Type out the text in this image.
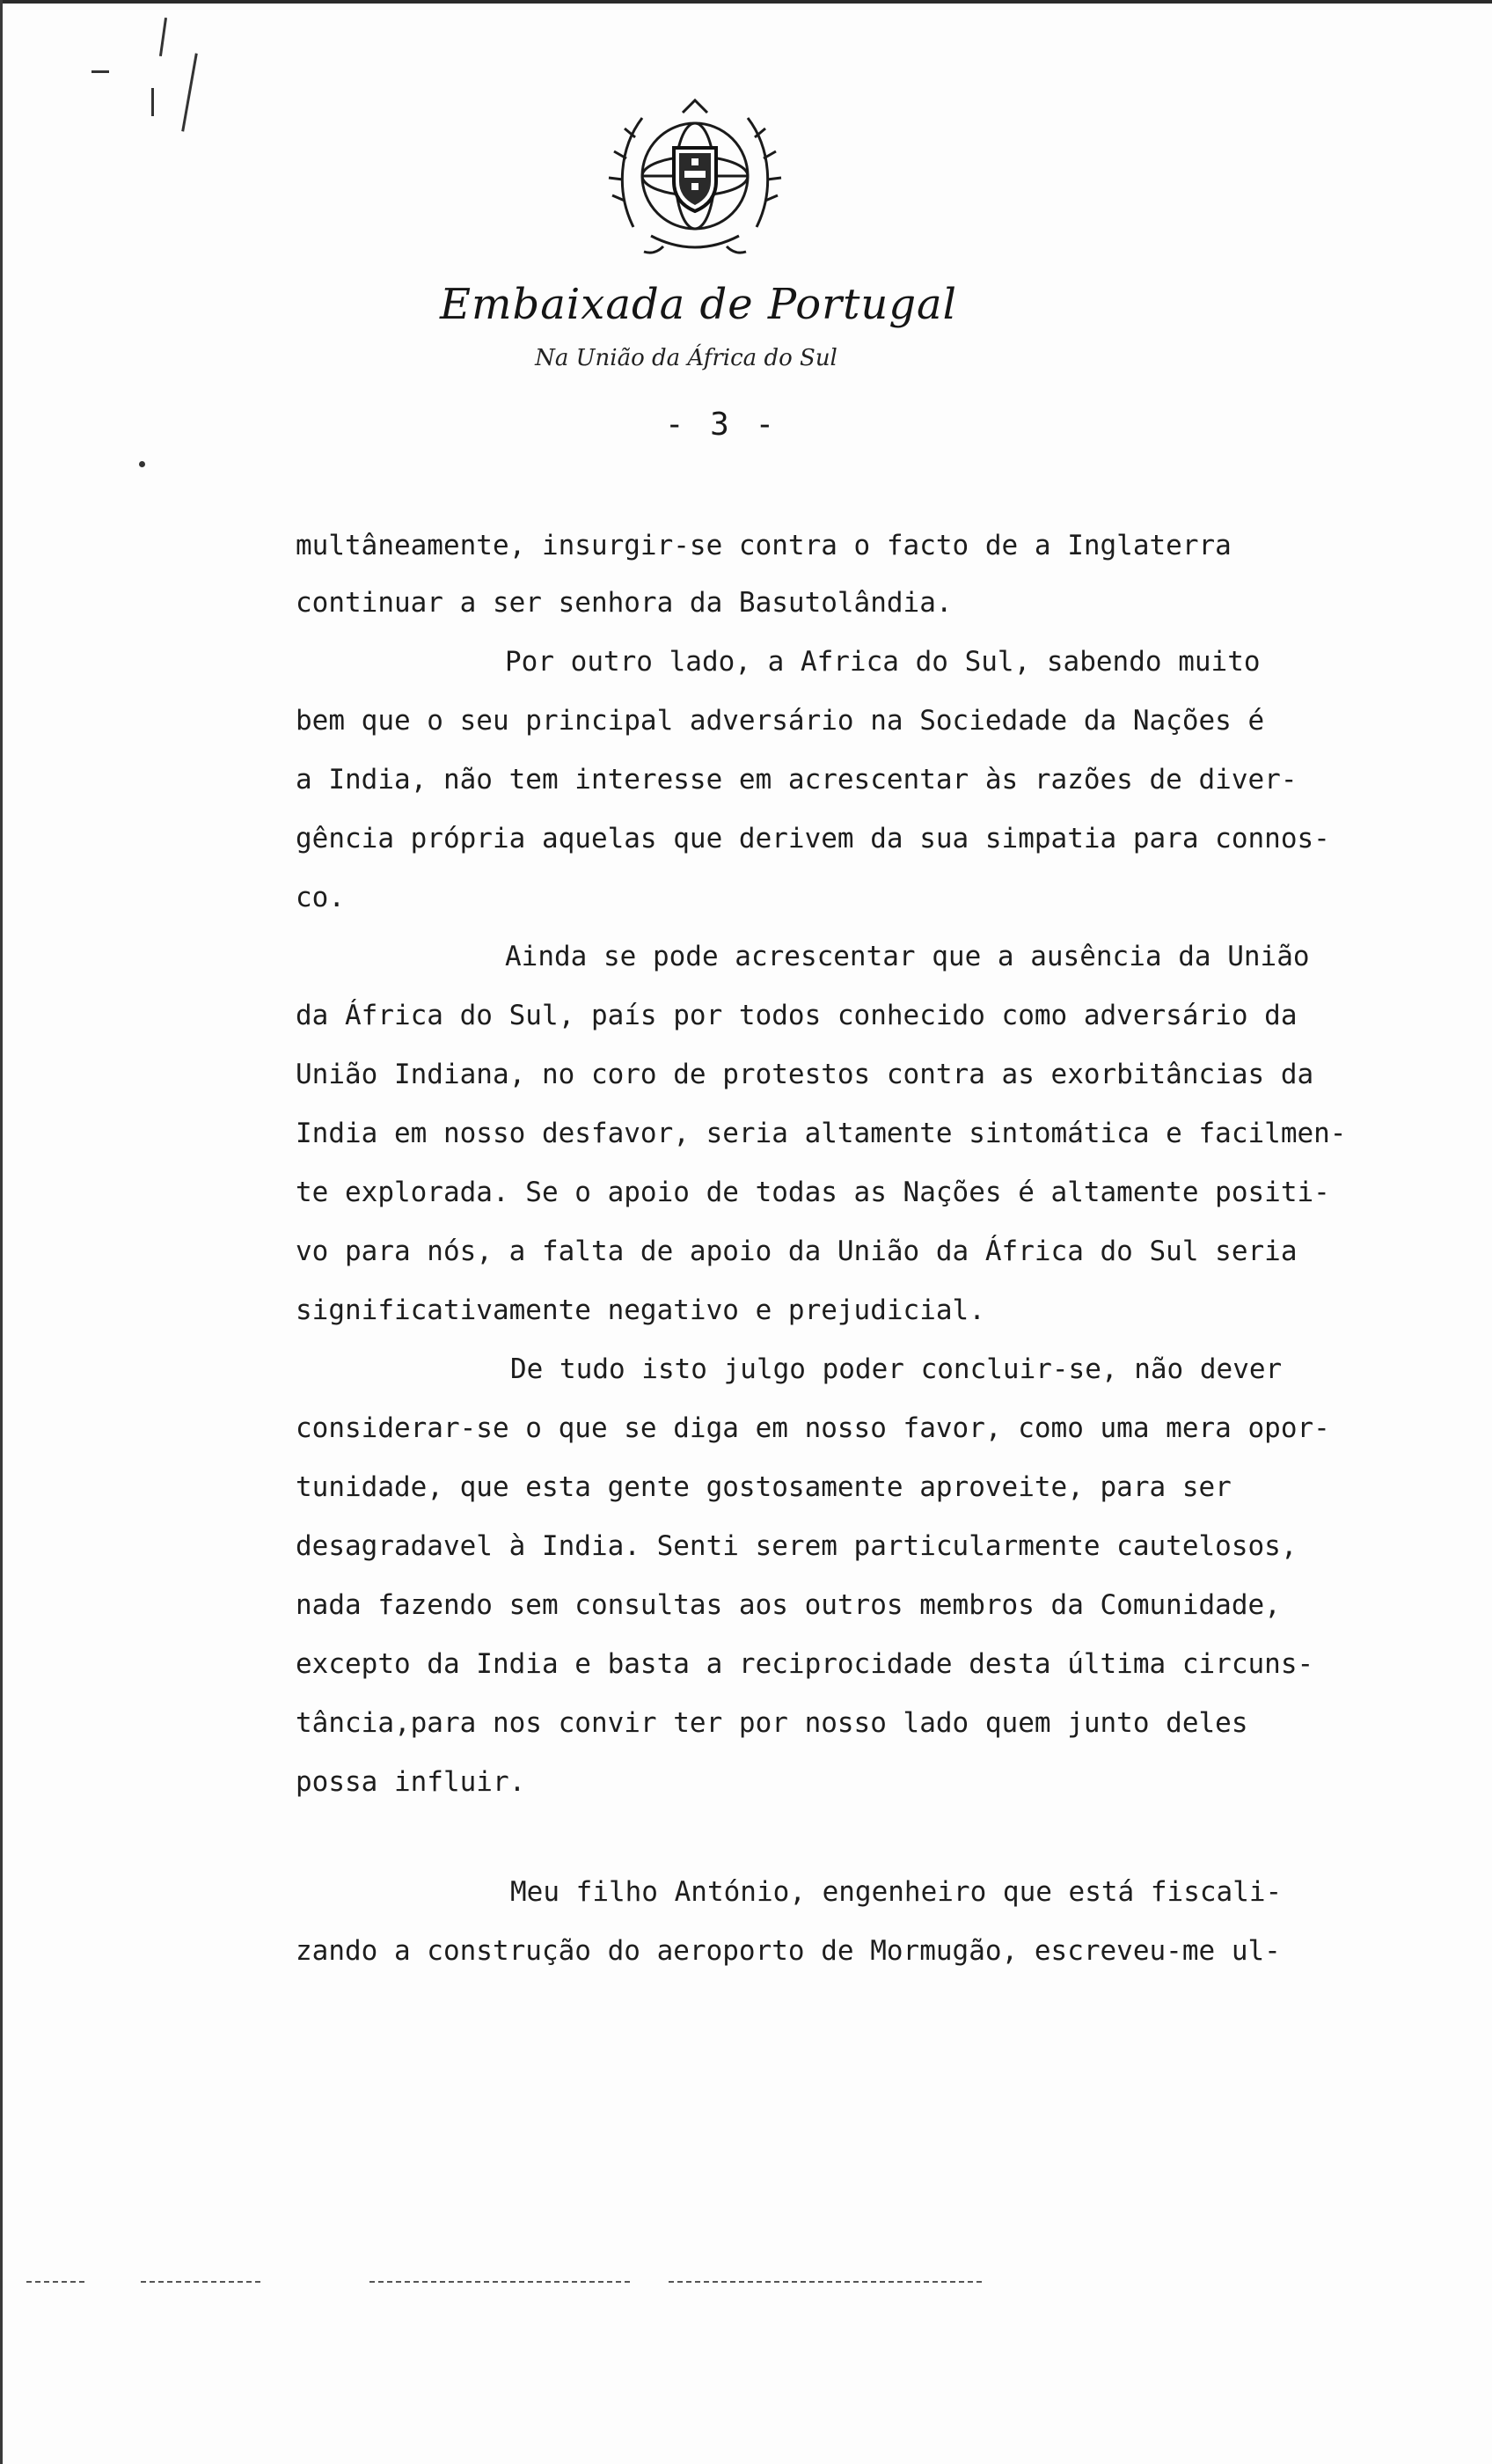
Embaixada de Portugal
Na União da África do Sul
- 3 -
multâneamente, insurgir-se contra o facto de a Inglaterra
continuar a ser senhora da Basutolândia.
Por outro lado, a Africa do Sul, sabendo muito
bem que o seu principal adversário na Sociedade da Nações é
a India, não tem interesse em acrescentar às razões de diver-
gência própria aquelas que derivem da sua simpatia para connos-
co.
Ainda se pode acrescentar que a ausência da União
da África do Sul, país por todos conhecido como adversário da
União Indiana, no coro de protestos contra as exorbitâncias da
India em nosso desfavor, seria altamente sintomática e facilmen-
te explorada. Se o apoio de todas as Nações é altamente positi-
vo para nós, a falta de apoio da União da África do Sul seria
significativamente negativo e prejudicial.
De tudo isto julgo poder concluir-se, não dever
considerar-se o que se diga em nosso favor, como uma mera opor-
tunidade, que esta gente gostosamente aproveite, para ser
desagradavel à India. Senti serem particularmente cautelosos,
nada fazendo sem consultas aos outros membros da Comunidade,
excepto da India e basta a reciprocidade desta última circuns-
tância,para nos convir ter por nosso lado quem junto deles
possa influir.
Meu filho António, engenheiro que está fiscali-
zando a construção do aeroporto de Mormugão, escreveu-me ul-
